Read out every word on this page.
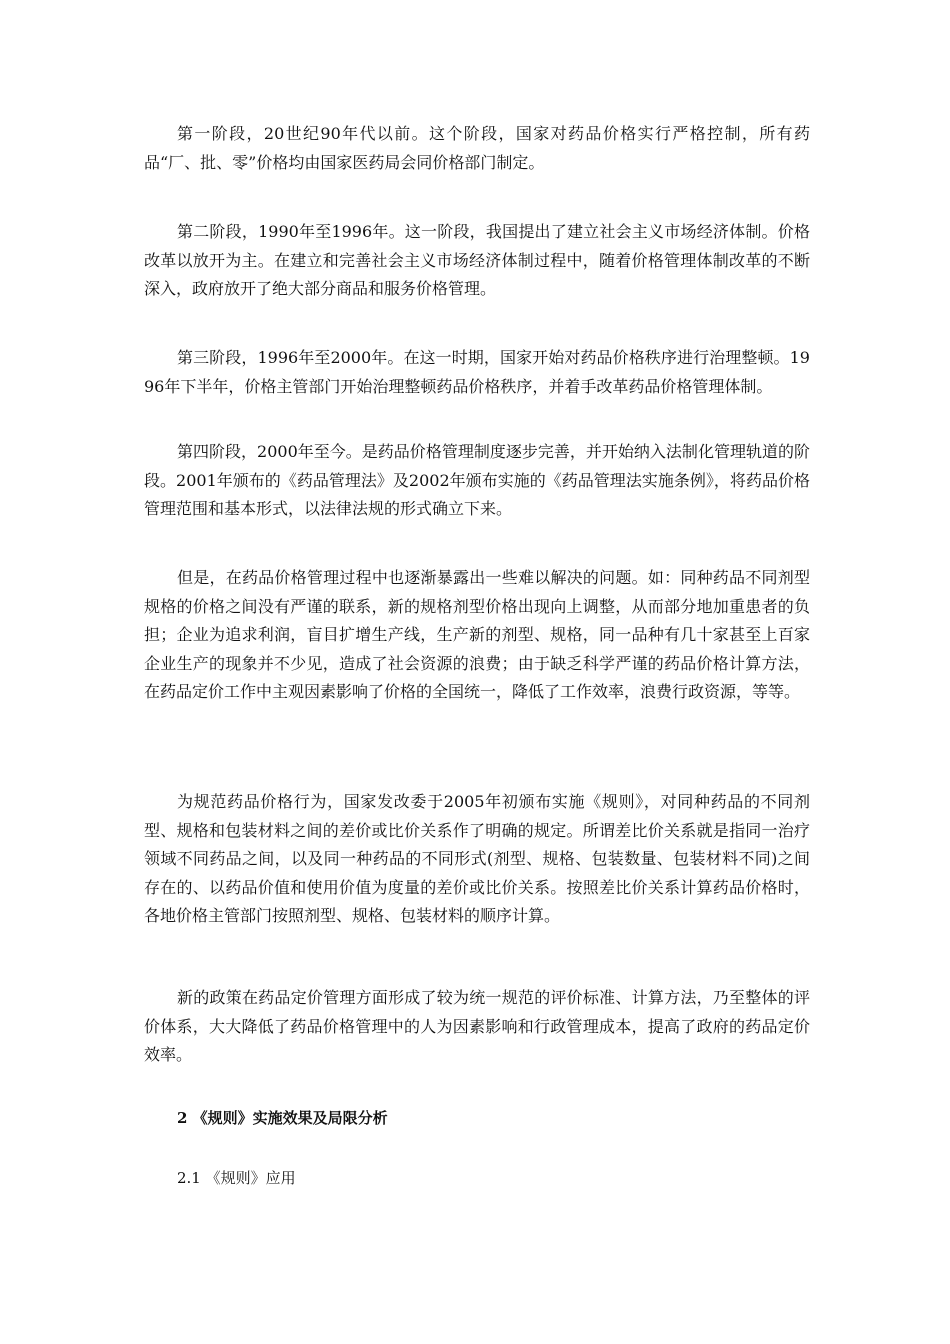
第一阶段，20世纪90年代以前。这个阶段，国家对药品价格实行严格控制，所有药品“厂、批、零”价格均由国家医药局会同价格部门制定。

第二阶段，1990年至1996年。这一阶段，我国提出了建立社会主义市场经济体制。价格改革以放开为主。在建立和完善社会主义市场经济体制过程中，随着价格管理体制改革的不断深入，政府放开了绝大部分商品和服务价格管理。

第三阶段，1996年至2000年。在这一时期，国家开始对药品价格秩序进行治理整顿。1996年下半年，价格主管部门开始治理整顿药品价格秩序，并着手改革药品价格管理体制。

第四阶段，2000年至今。是药品价格管理制度逐步完善，并开始纳入法制化管理轨道的阶段。2001年颁布的《药品管理法》及2002年颁布实施的《药品管理法实施条例》，将药品价格管理范围和基本形式，以法律法规的形式确立下来。

但是，在药品价格管理过程中也逐渐暴露出一些难以解决的问题。如：同种药品不同剂型规格的价格之间没有严谨的联系，新的规格剂型价格出现向上调整，从而部分地加重患者的负担；企业为追求利润，盲目扩增生产线，生产新的剂型、规格，同一品种有几十家甚至上百家企业生产的现象并不少见，造成了社会资源的浪费；由于缺乏科学严谨的药品价格计算方法，在药品定价工作中主观因素影响了价格的全国统一，降低了工作效率，浪费行政资源，等等。

为规范药品价格行为，国家发改委于2005年初颁布实施《规则》，对同种药品的不同剂型、规格和包装材料之间的差价或比价关系作了明确的规定。所谓差比价关系就是指同一治疗领域不同药品之间，以及同一种药品的不同形式(剂型、规格、包装数量、包装材料不同)之间存在的、以药品价值和使用价值为度量的差价或比价关系。按照差比价关系计算药品价格时，各地价格主管部门按照剂型、规格、包装材料的顺序计算。

新的政策在药品定价管理方面形成了较为统一规范的评价标准、计算方法，乃至整体的评价体系，大大降低了药品价格管理中的人为因素影响和行政管理成本，提高了政府的药品定价效率。

2 《规则》实施效果及局限分析
2.1 《规则》应用
